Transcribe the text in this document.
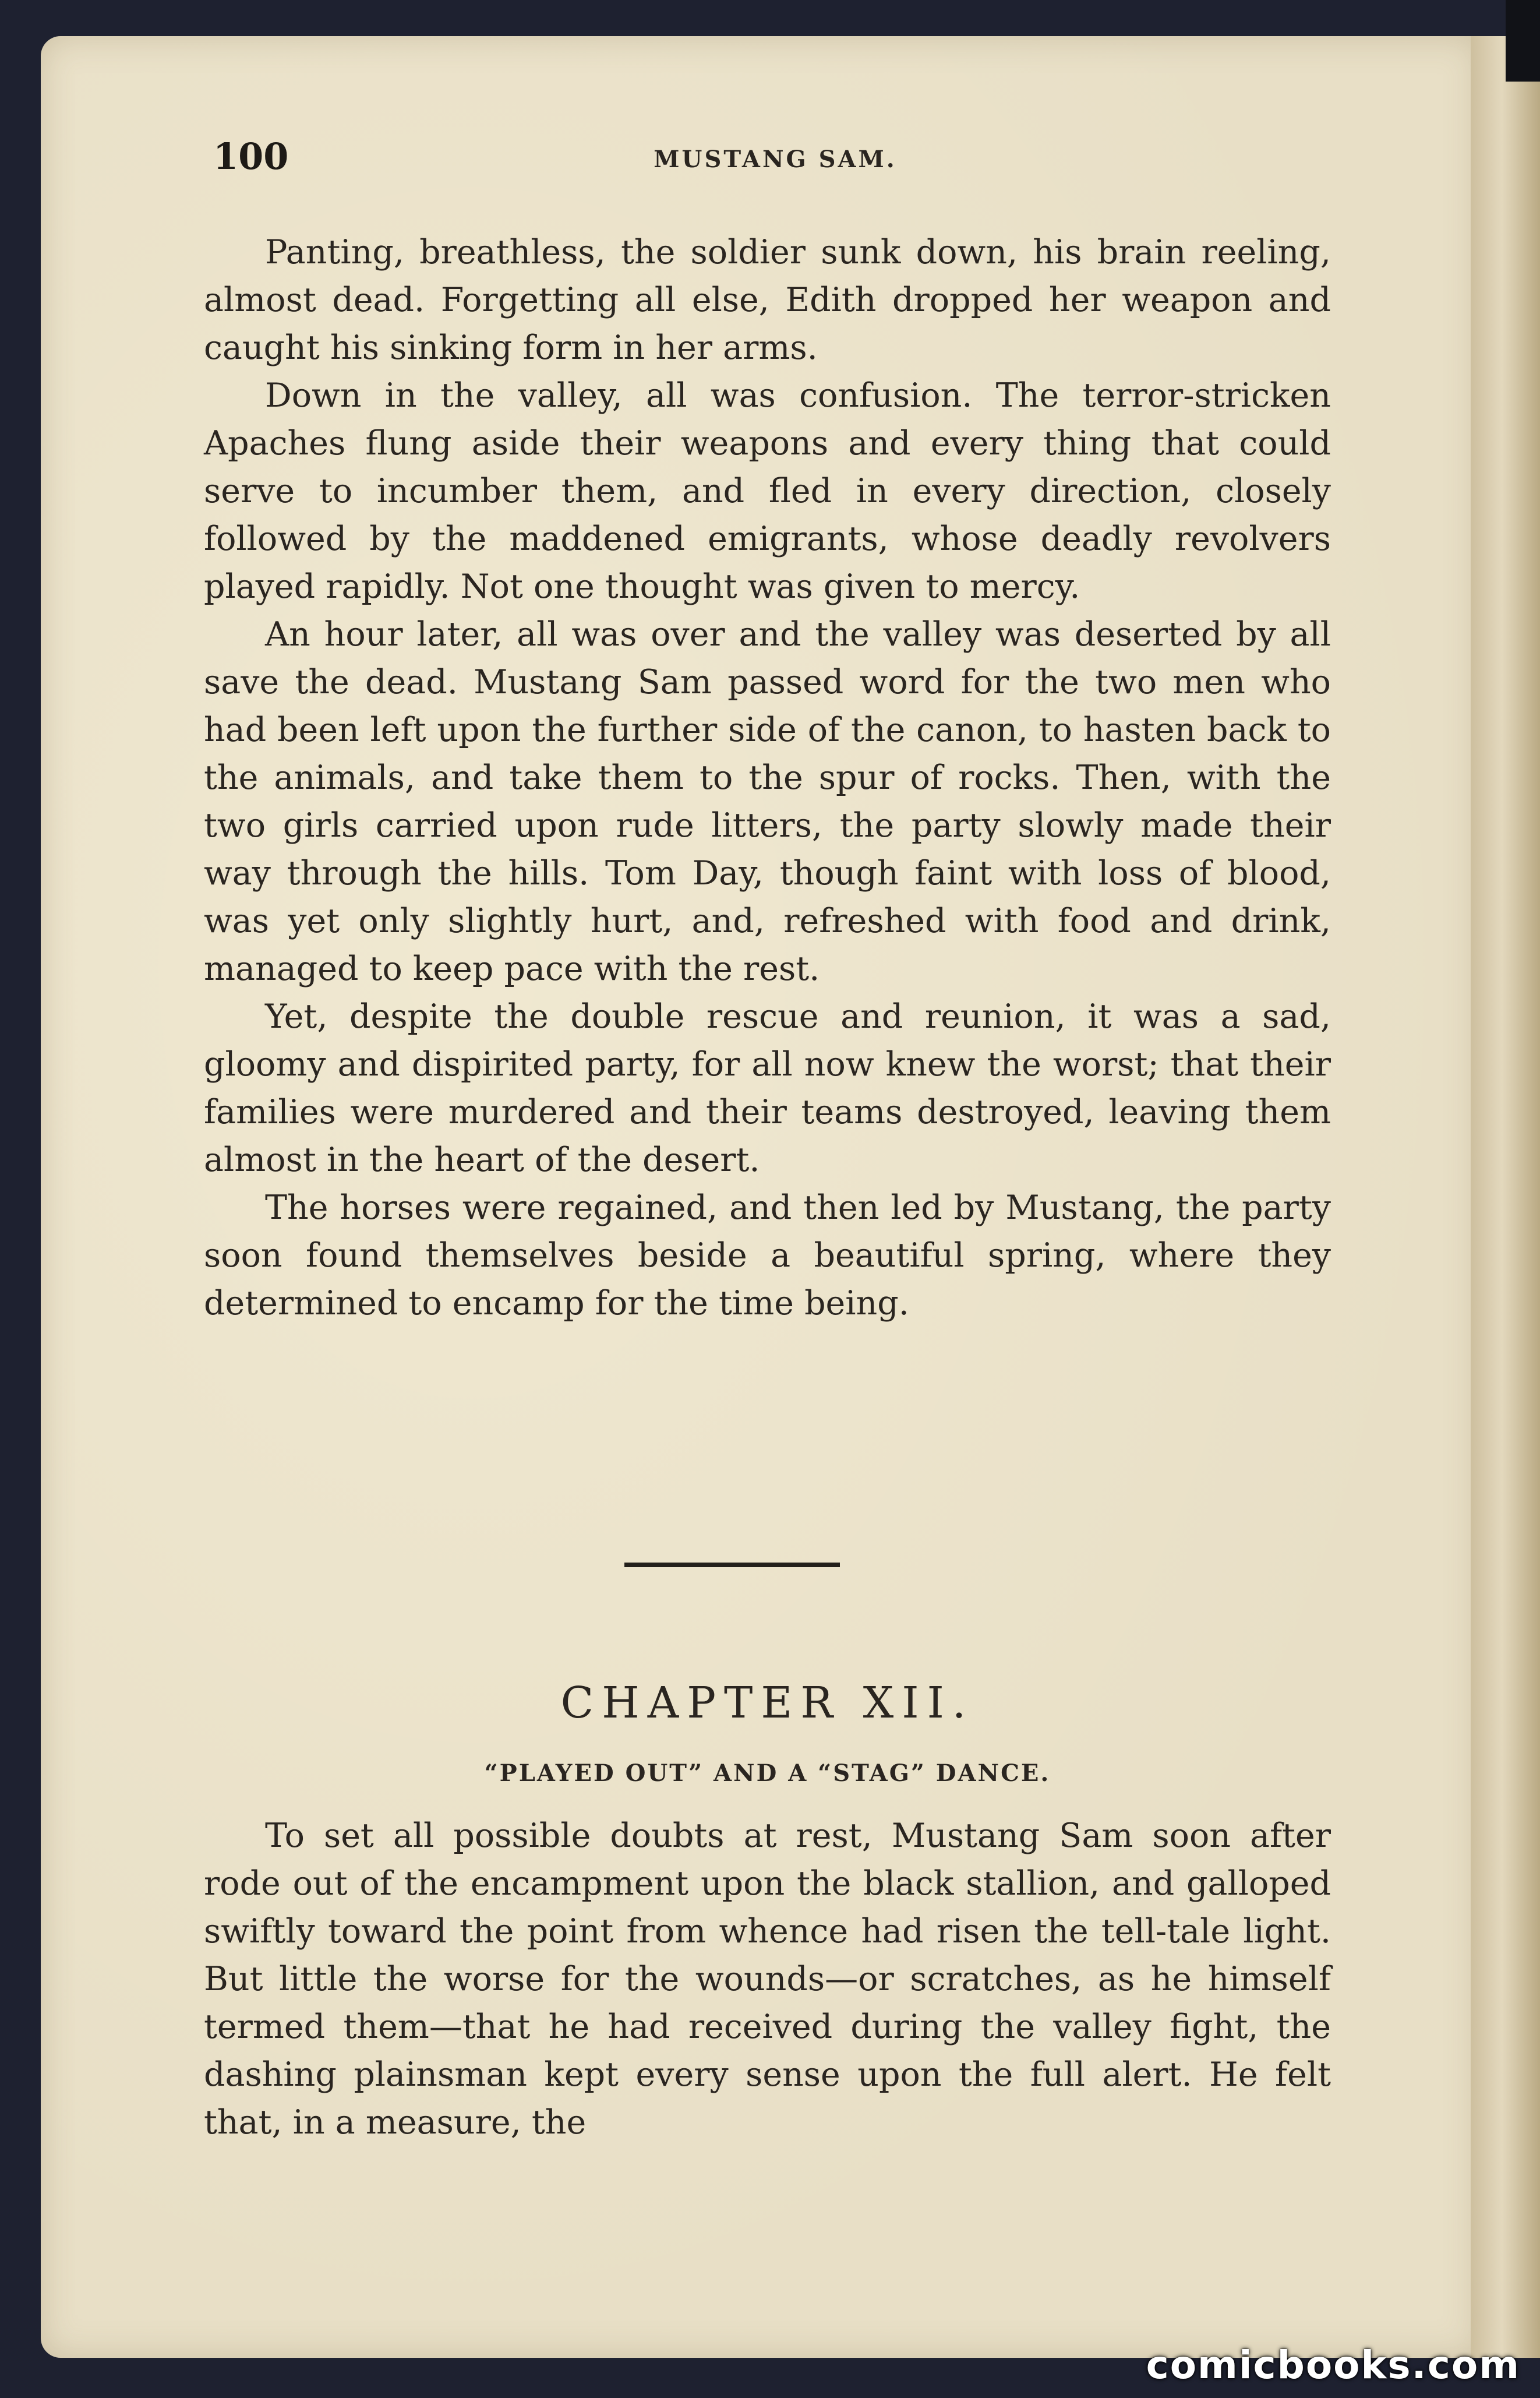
100	MUSTANG SAM.

Panting, breathless, the soldier sunk down, his brain reeling, almost dead. Forgetting all else, Edith dropped her weapon and caught his sinking form in her arms.

Down in the valley, all was confusion. The terror-stricken Apaches flung aside their weapons and every thing that could serve to incumber them, and fled in every direction, closely followed by the maddened emigrants, whose deadly revolvers played rapidly. Not one thought was given to mercy.

An hour later, all was over and the valley was deserted by all save the dead. Mustang Sam passed word for the two men who had been left upon the further side of the canon, to hasten back to the animals, and take them to the spur of rocks. Then, with the two girls carried upon rude litters, the party slowly made their way through the hills. Tom Day, though faint with loss of blood, was yet only slightly hurt, and, refreshed with food and drink, managed to keep pace with the rest.

Yet, despite the double rescue and reunion, it was a sad, gloomy and dispirited party, for all now knew the worst; that their families were murdered and their teams destroyed, leaving them almost in the heart of the desert.

The horses were regained, and then led by Mustang, the party soon found themselves beside a beautiful spring, where they determined to encamp for the time being.

CHAPTER XII.
“PLAYED OUT” AND A “STAG” DANCE.

To set all possible doubts at rest, Mustang Sam soon after rode out of the encampment upon the black stallion, and galloped swiftly toward the point from whence had risen the tell-tale light. But little the worse for the wounds—or scratches, as he himself termed them—that he had received during the valley fight, the dashing plainsman kept every sense upon the full alert. He felt that, in a measure, the

comicbooks.com
